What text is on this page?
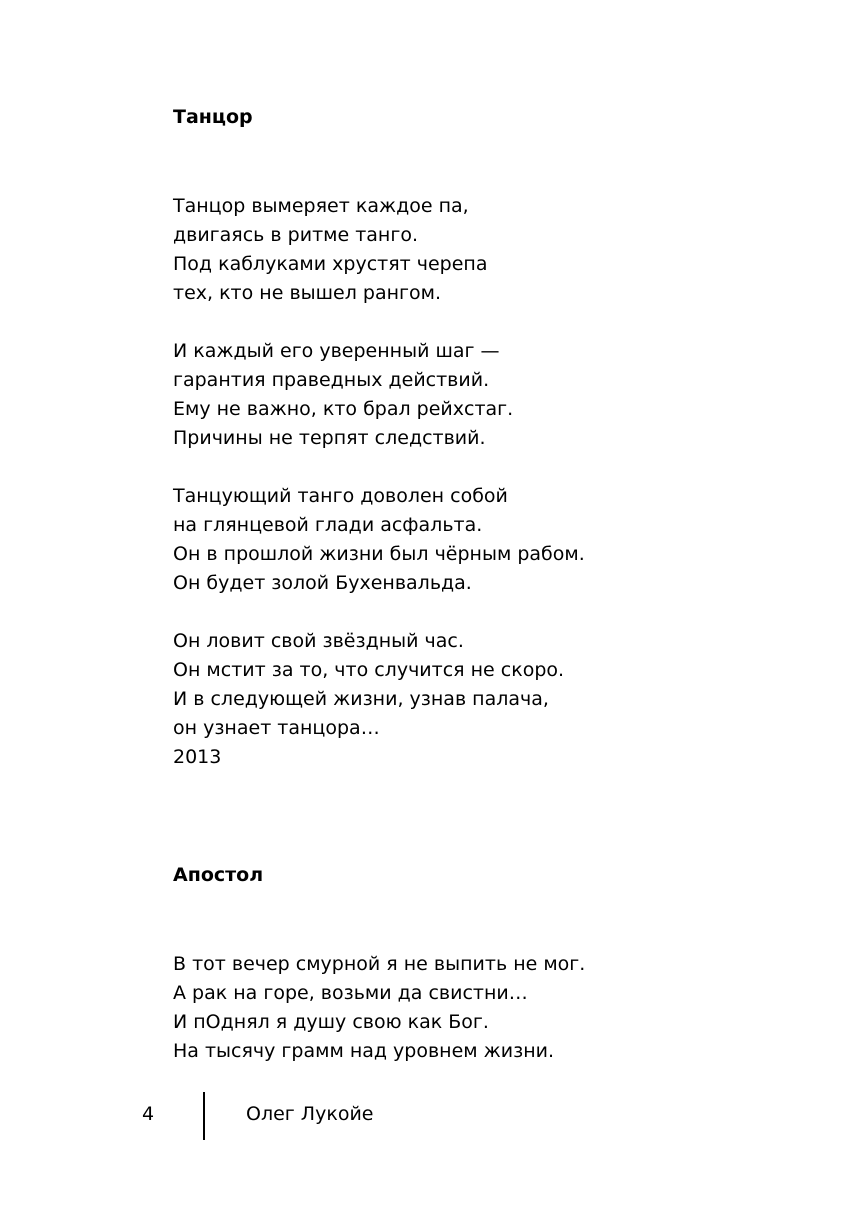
Танцор

Танцор вымеряет каждое па,
двигаясь в ритме танго.
Под каблуками хрустят черепа
тех, кто не вышел рангом.

И каждый его уверенный шаг —
гарантия праведных действий.
Ему не важно, кто брал рейхстаг.
Причины не терпят следствий.

Танцующий танго доволен собой
на глянцевой глади асфальта.
Он в прошлой жизни был чёрным рабом.
Он будет золой Бухенвальда.

Он ловит свой звёздный час.
Он мстит за то, что случится не скоро.
И в следующей жизни, узнав палача,
он узнает танцора…
2013

Апостол

В тот вечер смурной я не выпить не мог.
А рак на горе, возьми да свистни…
И пОднял я душу свою как Бог.
На тысячу грамм над уровнем жизни.

4	Олег Лукойе
